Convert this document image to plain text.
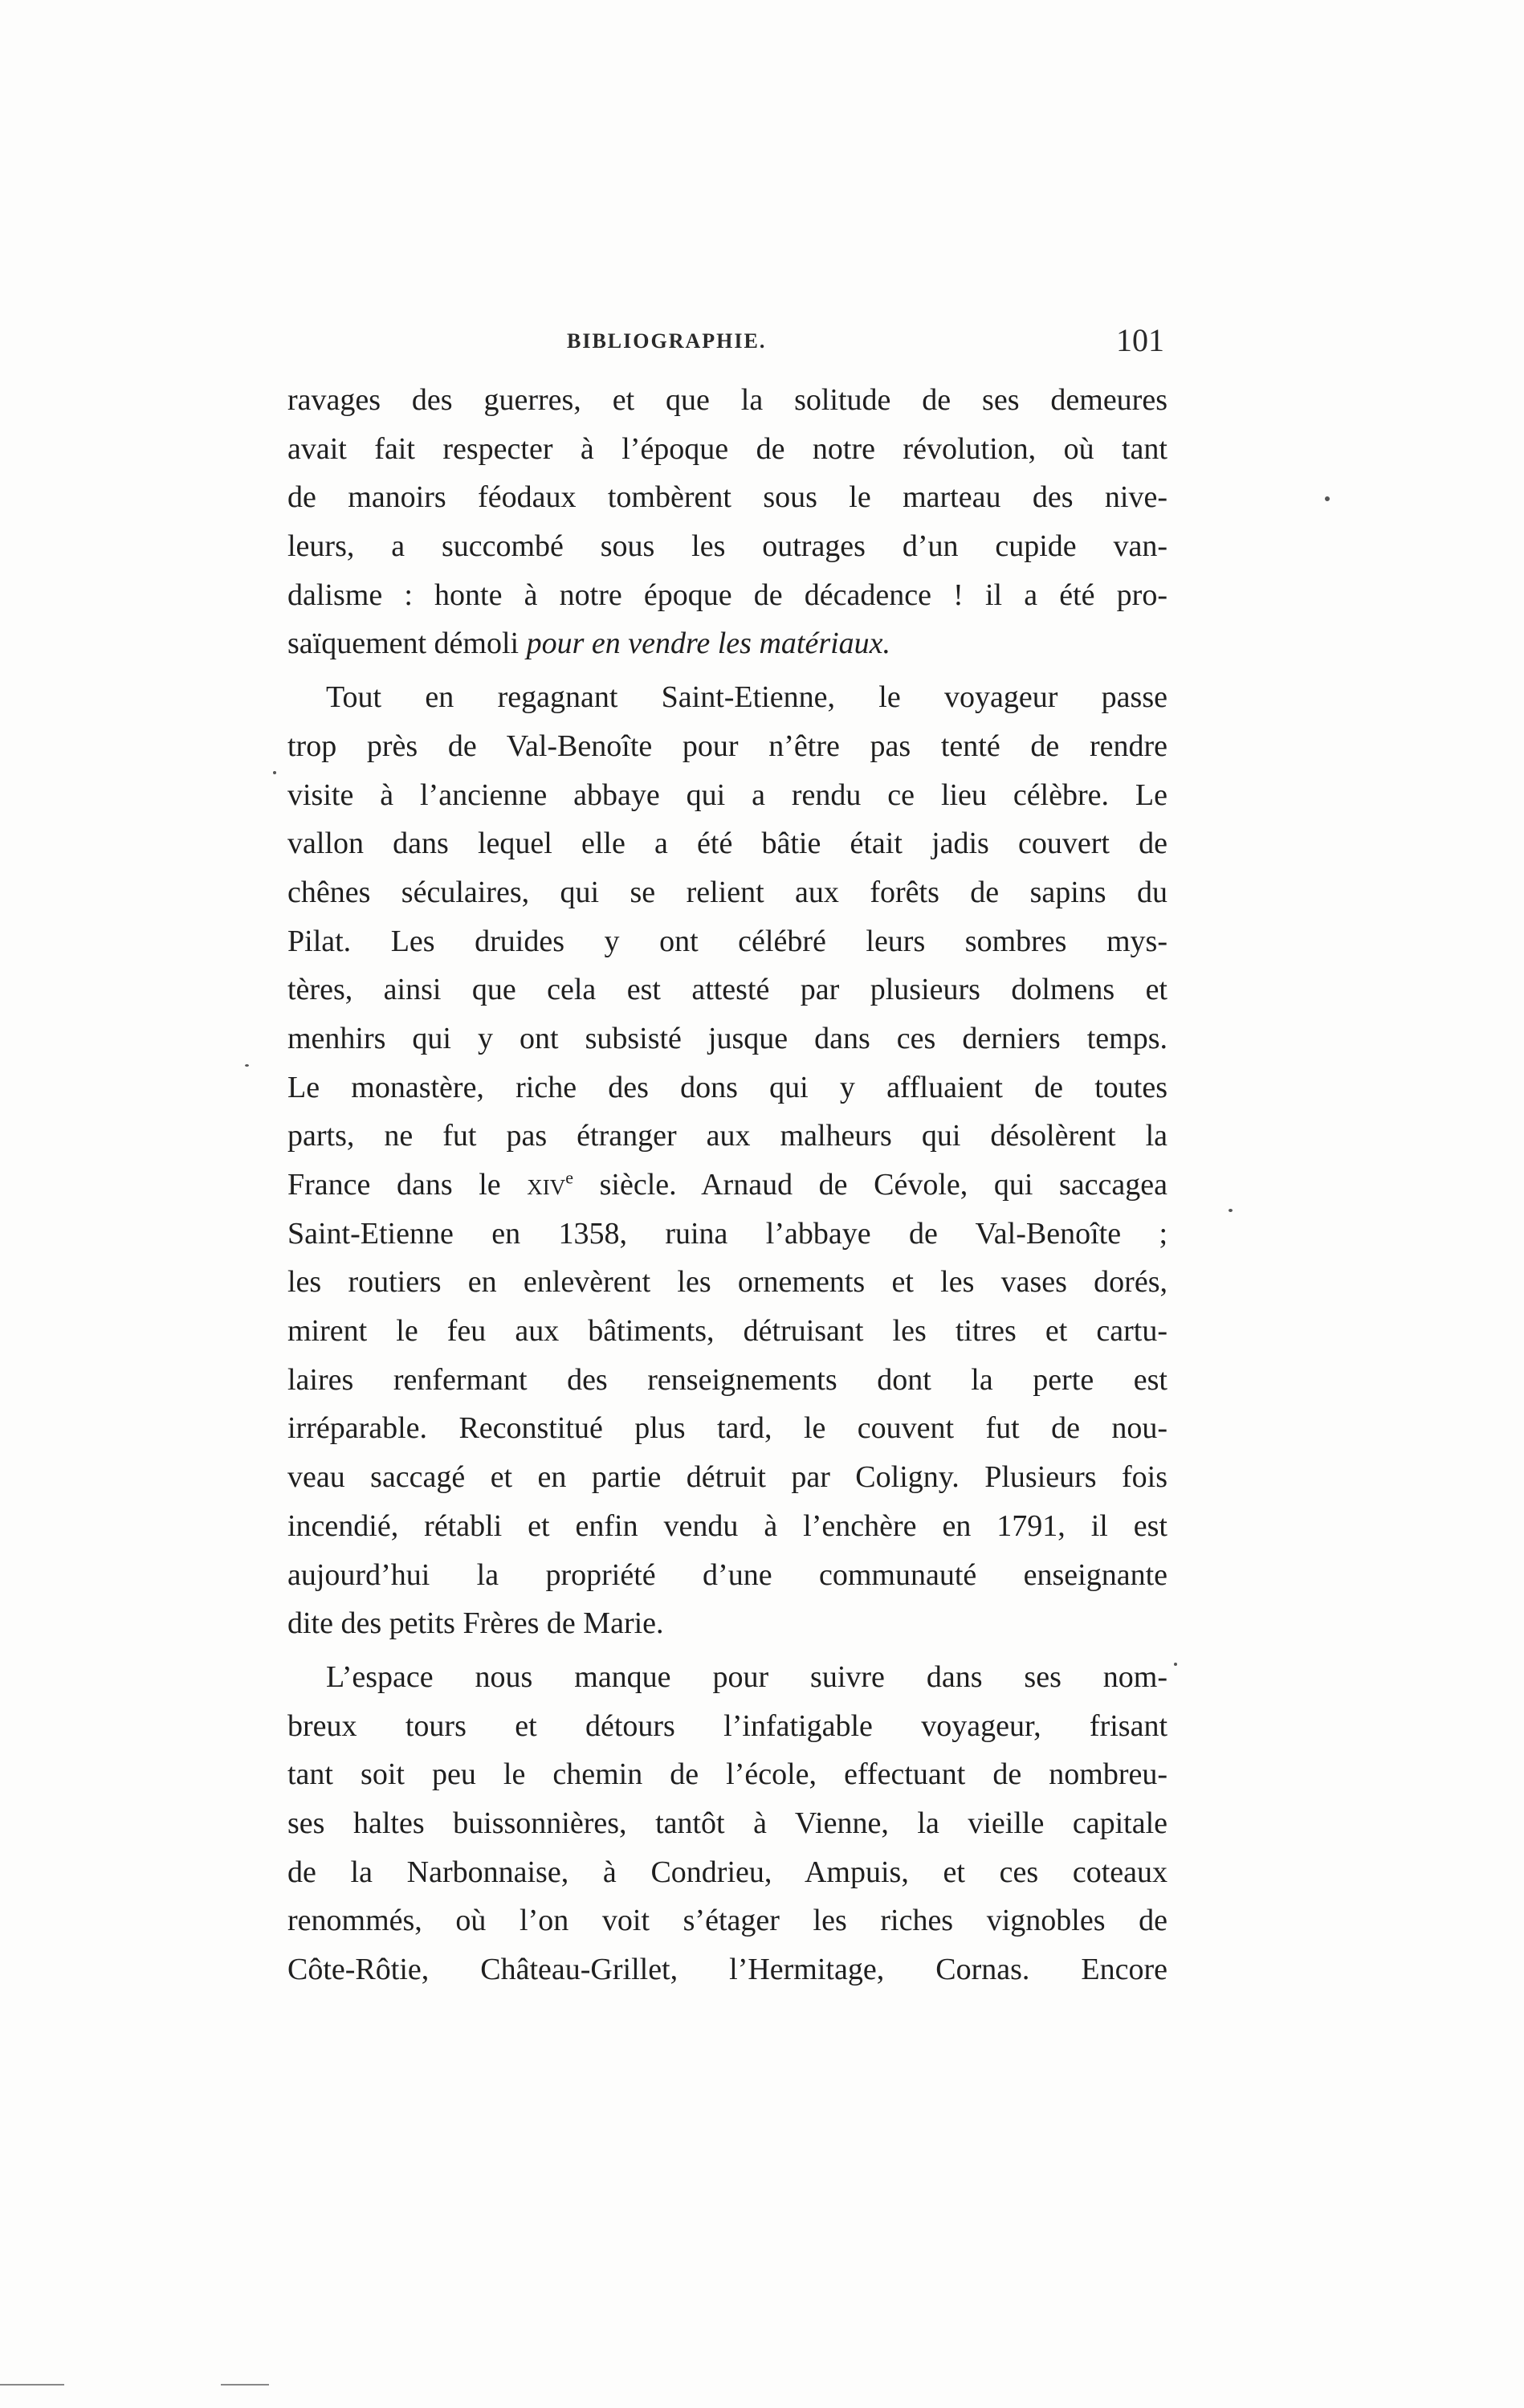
BIBLIOGRAPHIE.	101
ravages des guerres, et que la solitude de ses demeures
avait fait respecter à l’époque de notre révolution, où tant
de manoirs féodaux tombèrent sous le marteau des nive-
leurs, a succombé sous les outrages d’un cupide van-
dalisme : honte à notre époque de décadence ! il a été pro-
saïquement démoli pour en vendre les matériaux.
Tout en regagnant Saint-Etienne, le voyageur passe
trop près de Val-Benoîte pour n’être pas tenté de rendre
visite à l’ancienne abbaye qui a rendu ce lieu célèbre. Le
vallon dans lequel elle a été bâtie était jadis couvert de
chênes séculaires, qui se relient aux forêts de sapins du
Pilat. Les druides y ont célébré leurs sombres mys-
tères, ainsi que cela est attesté par plusieurs dolmens et
menhirs qui y ont subsisté jusque dans ces derniers temps.
Le monastère, riche des dons qui y affluaient de toutes
parts, ne fut pas étranger aux malheurs qui désolèrent la
France dans le xiv$^e$ siècle. Arnaud de Cévole, qui saccagea
Saint-Etienne en 1358, ruina l’abbaye de Val-Benoîte ;
les routiers en enlevèrent les ornements et les vases dorés,
mirent le feu aux bâtiments, détruisant les titres et cartu-
laires renfermant des renseignements dont la perte est
irréparable. Reconstitué plus tard, le couvent fut de nou-
veau saccagé et en partie détruit par Coligny. Plusieurs fois
incendié, rétabli et enfin vendu à l’enchère en 1791, il est
aujourd’hui la propriété d’une communauté enseignante
dite des petits Frères de Marie.
L’espace nous manque pour suivre dans ses nom-
breux tours et détours l’infatigable voyageur, frisant
tant soit peu le chemin de l’école, effectuant de nombreu-
ses haltes buissonnières, tantôt à Vienne, la vieille capitale
de la Narbonnaise, à Condrieu, Ampuis, et ces coteaux
renommés, où l’on voit s’étager les riches vignobles de
Côte-Rôtie, Château-Grillet, l’Hermitage, Cornas. Encore
